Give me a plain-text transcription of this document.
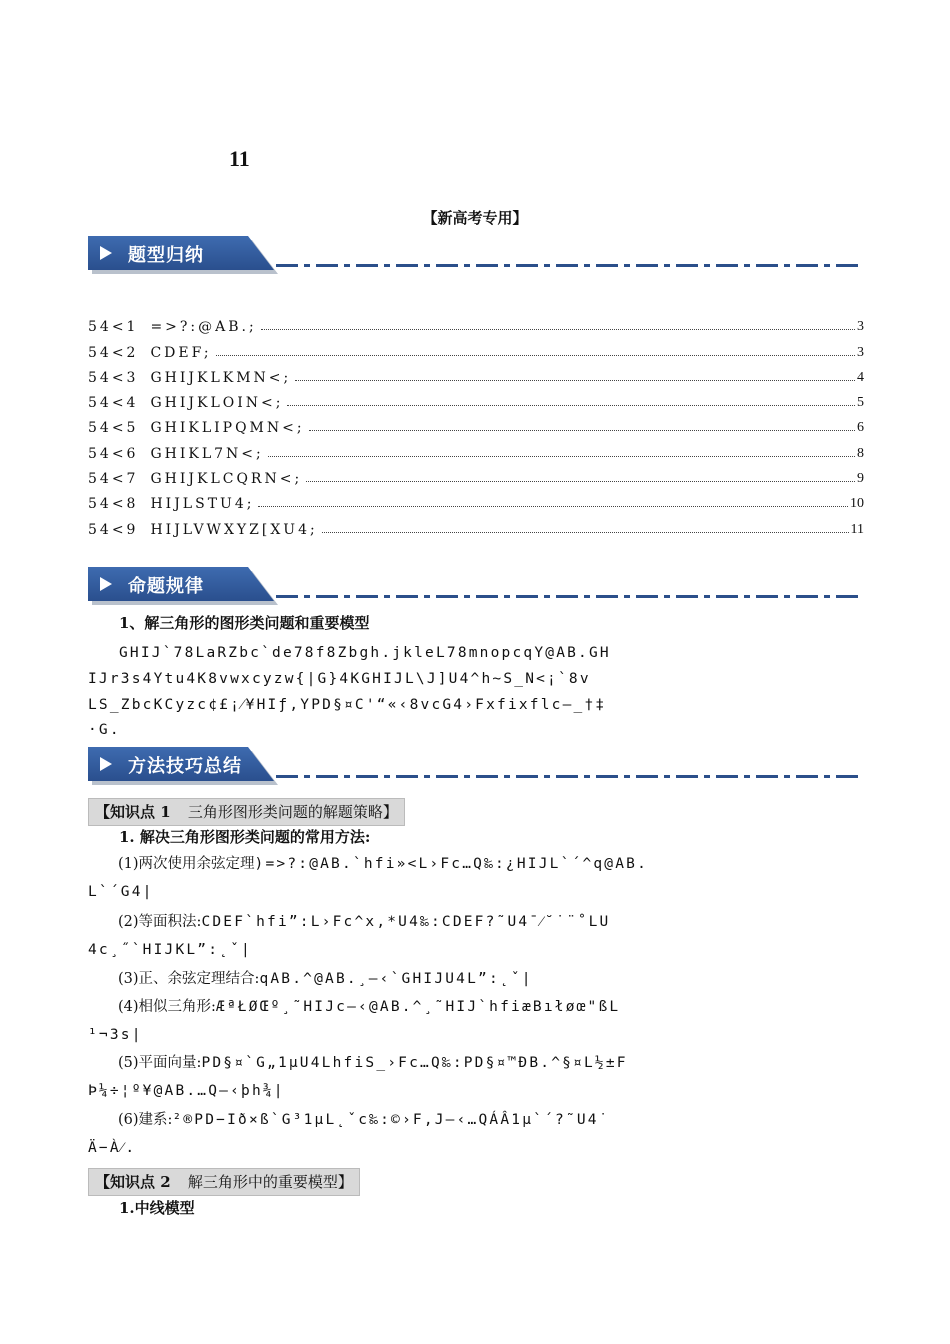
11
【新高考专用】
题型归纳
54<1 =>?:@AB.;	3
54<2 CDEF;	3
54<3 GHIJKLKMN<;	4
54<4 GHIJKLOIN<;	5
54<5 GHIKLIPQMN<;	6
54<6 GHIKL7N<;	8
54<7 GHIJKLCQRN<;	9
54<8 HIJLSTU4;	10
54<9 HIJLVWXYZ[XU4;	11
命题规律
1、解三角形的图形类问题和重要模型
GHIJ`78LaRZbc`de78f8Zbgh.jkleL78mnopcqY@AB.GH
IJr3s4Ytu4K8vwxcyzw{|G}4KGHIJL\J]U4^h~S_N<¡`8v
LS_ZbcKCyzc¢£¡⁄¥HIƒ,YPD§¤C'“«‹8vcG4›Fxfixflc–_†‡
·G.
方法技巧总结
【知识点 1 三角形图形类问题的解题策略】
1. 解决三角形图形类问题的常用方法:
(1)两次使用余弦定理)=>?:@AB.`hfi»<L›Fc…Q‰:¿HIJL`´^q@AB.
L`´G4|
(2)等面积法:CDEF`hfi”:L›Fc^x,*U4‰:CDEF?˜U4¯⁄˘˙¨˚LU
4c¸˝`HIJKL”:˛ˇ|
(3)正、余弦定理结合:qAB.^@AB.¸—‹`GHIJU4L”:˛ˇ|
(4)相似三角形:ÆªŁØŒº¸˜HIJc—‹@AB.^¸˜HIJ`hfiæBıłøœ"ßL
¹¬3s|
(5)平面向量:PD§¤`G„1µU4LhfiS_›Fc…Q‰:PD§¤™ÐB.^§¤L½±F
Þ¼÷¦º¥@AB.…Q—‹þh¾|
(6)建系:²®PD−Ið×ß`G³1µL˛ˇc‰:©›F,J—‹…QÁÂ1µ`´?˜U4˙
Ä−À⁄.
【知识点 2 解三角形中的重要模型】
1.中线模型
